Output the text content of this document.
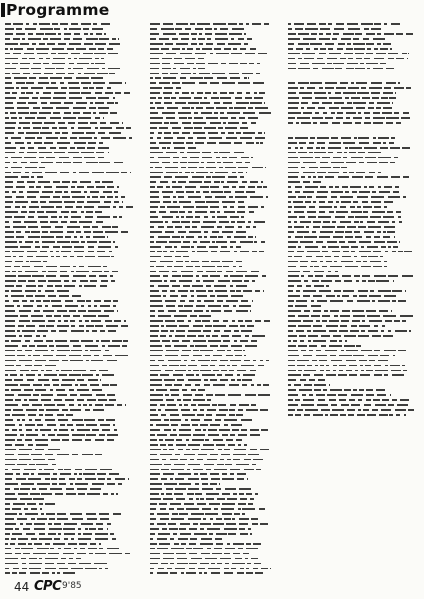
Programme
44 CPC 9'85
